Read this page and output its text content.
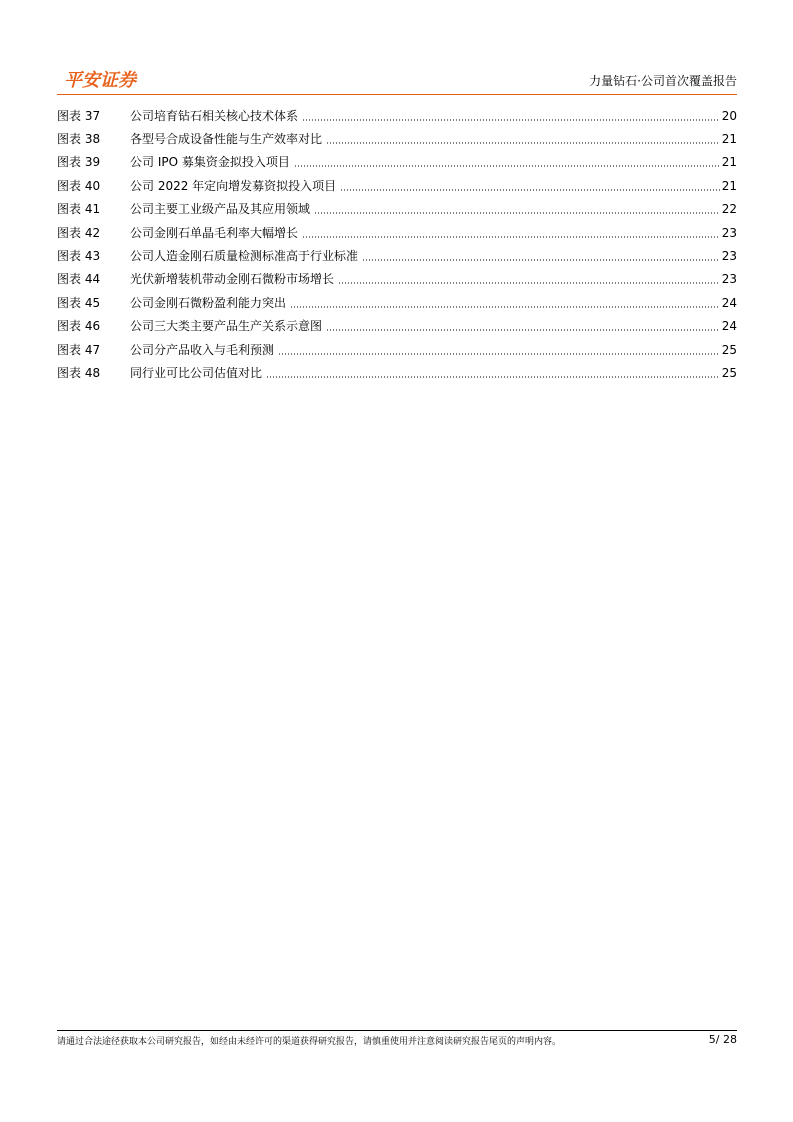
平安证券	力量钻石·公司首次覆盖报告
图表 37	公司培育钻石相关核心技术体系	20
图表 38	各型号合成设备性能与生产效率对比	21
图表 39	公司 IPO 募集资金拟投入项目	21
图表 40	公司 2022 年定向增发募资拟投入项目	21
图表 41	公司主要工业级产品及其应用领域	22
图表 42	公司金刚石单晶毛利率大幅增长	23
图表 43	公司人造金刚石质量检测标准高于行业标准	23
图表 44	光伏新增装机带动金刚石微粉市场增长	23
图表 45	公司金刚石微粉盈利能力突出	24
图表 46	公司三大类主要产品生产关系示意图	24
图表 47	公司分产品收入与毛利预测	25
图表 48	同行业可比公司估值对比	25
请通过合法途径获取本公司研究报告，如经由未经许可的渠道获得研究报告，请慎重使用并注意阅读研究报告尾页的声明内容。	5/ 28
